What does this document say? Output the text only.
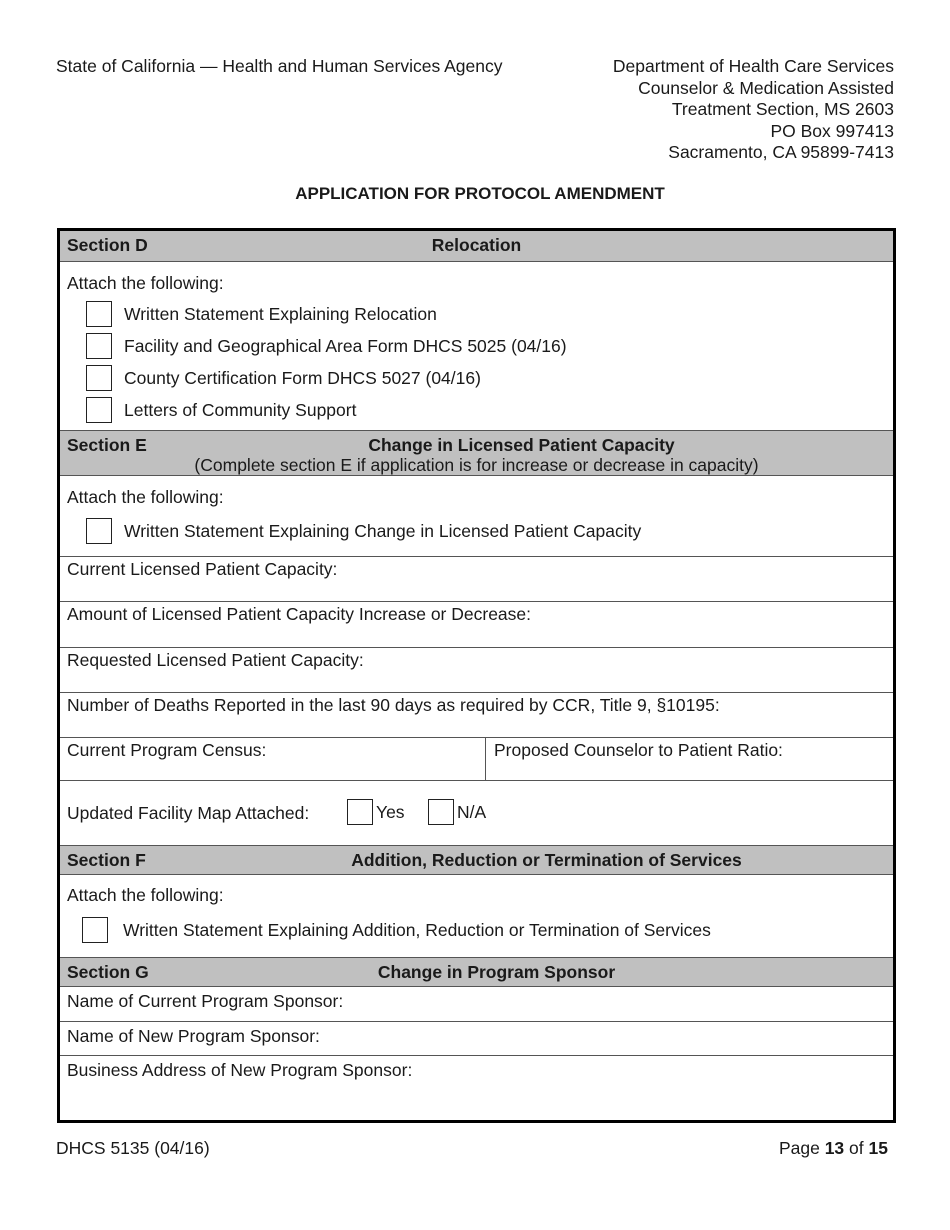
State of California — Health and Human Services Agency	Department of Health Care Services
Counselor & Medication Assisted
Treatment Section, MS 2603
PO Box 997413
Sacramento, CA 95899-7413
APPLICATION FOR PROTOCOL AMENDMENT
Section D	Relocation
Attach the following:
Written Statement Explaining Relocation
Facility and Geographical Area Form DHCS 5025 (04/16)
County Certification Form DHCS 5027 (04/16)
Letters of Community Support
Section E	Change in Licensed Patient Capacity
(Complete section E if application is for increase or decrease in capacity)
Attach the following:
Written Statement Explaining Change in Licensed Patient Capacity
Current Licensed Patient Capacity:
Amount of Licensed Patient Capacity Increase or Decrease:
Requested Licensed Patient Capacity:
Number of Deaths Reported in the last 90 days as required by CCR, Title 9, §10195:
Current Program Census:	Proposed Counselor to Patient Ratio:
Updated Facility Map Attached:	Yes	N/A
Section F	Addition, Reduction or Termination of Services
Attach the following:
Written Statement Explaining Addition, Reduction or Termination of Services
Section G	Change in Program Sponsor
Name of Current Program Sponsor:
Name of New Program Sponsor:
Business Address of New Program Sponsor:
DHCS 5135 (04/16)	Page 13 of 15
